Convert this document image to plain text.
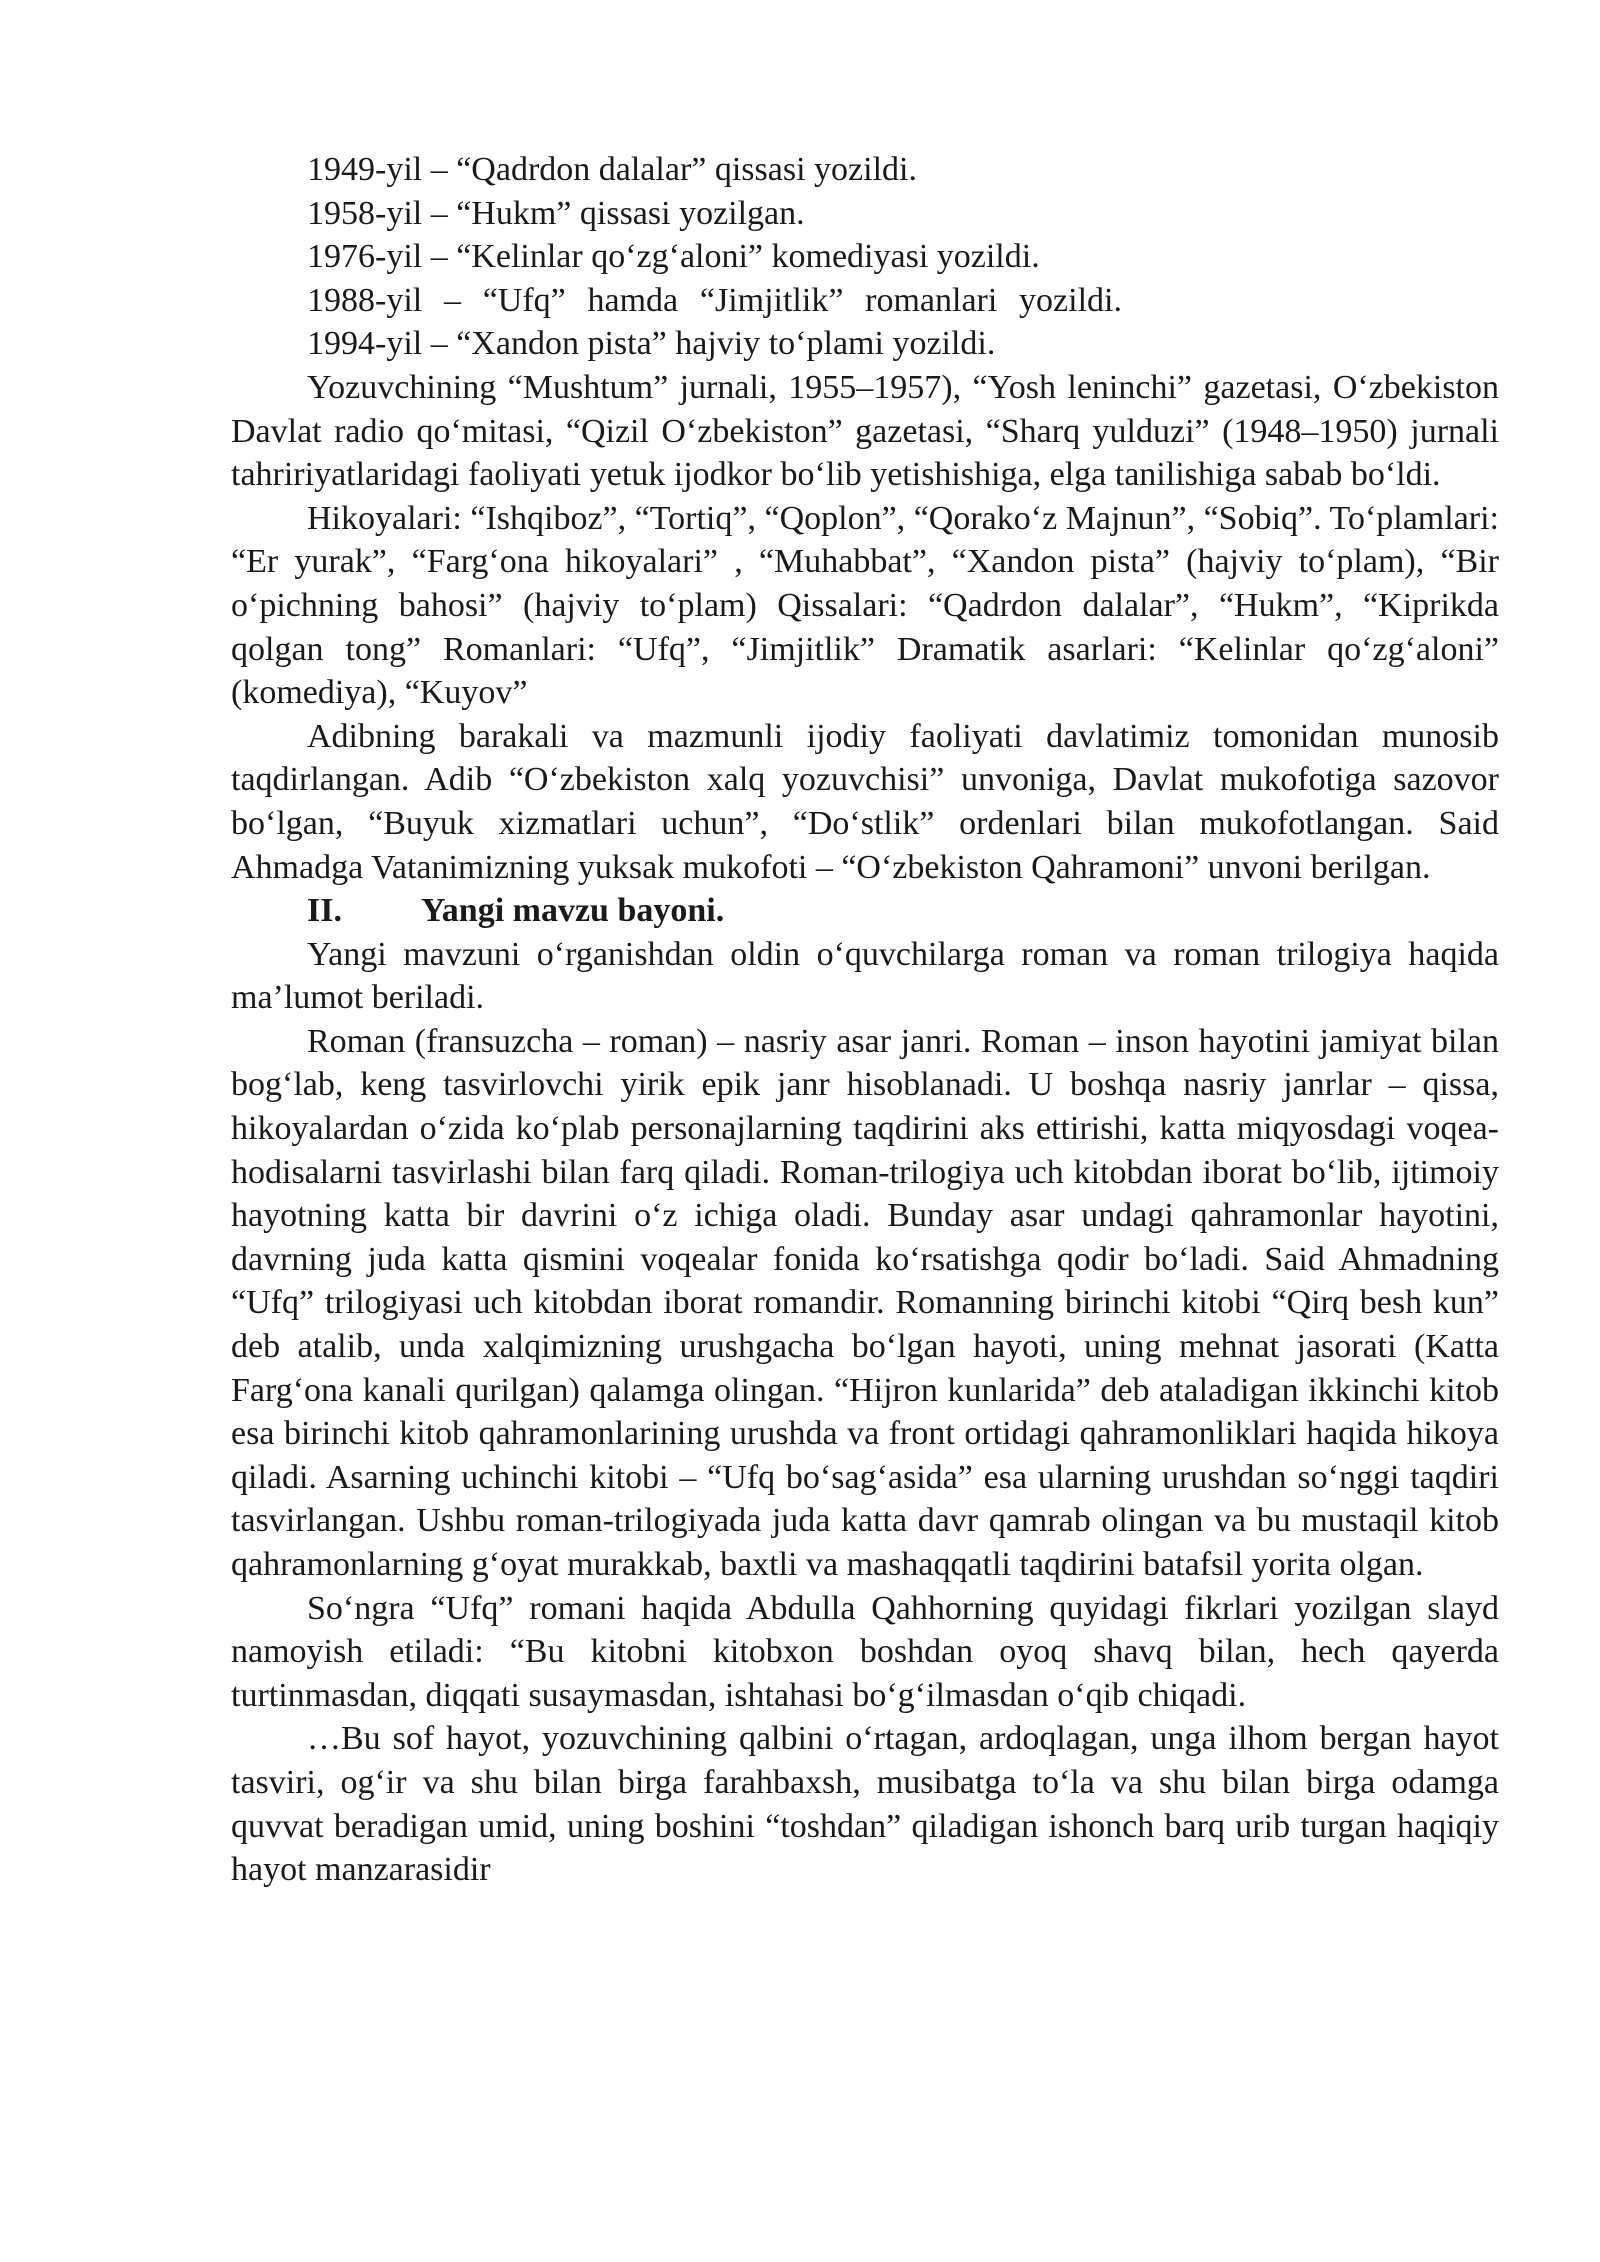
1949-yil – “Qadrdon dalalar” qissasi yozildi.
1958-yil – “Hukm” qissasi yozilgan.
1976-yil – “Kelinlar qo‘zg‘aloni” komediyasi yozildi.
1988-yil – “Ufq” hamda “Jimjitlik” romanlari yozildi. 1994-yil – “Xandon pista” hajviy to‘plami yozildi.

Yozuvchining “Mushtum” jurnali, 1955–1957), “Yosh leninchi” gazetasi, O‘zbekiston Davlat radio qo‘mitasi, “Qizil O‘zbekiston” gazetasi, “Sharq yulduzi” (1948–1950) jurnali tahririyatlaridagi faoliyati yetuk ijodkor bo‘lib yetishishiga, elga tanilishiga sabab bo‘ldi.

Hikoyalari: “Ishqiboz”, “Tortiq”, “Qoplon”, “Qorako‘z Majnun”, “Sobiq”. To‘plamlari: “Er yurak”, “Farg‘ona hikoyalari” , “Muhabbat”, “Xandon pista” (hajviy to‘plam), “Bir o‘pichning bahosi” (hajviy to‘plam) Qissalari: “Qadrdon dalalar”, “Hukm”, “Kiprikda qolgan tong” Romanlari: “Ufq”, “Jimjitlik” Dramatik asarlari: “Kelinlar qo‘zg‘aloni” (komediya), “Kuyov”

Adibning barakali va mazmunli ijodiy faoliyati davlatimiz tomonidan munosib taqdirlangan. Adib “O‘zbekiston xalq yozuvchisi” unvoniga, Davlat mukofotiga sazovor bo‘lgan, “Buyuk xizmatlari uchun”, “Do‘stlik” ordenlari bilan mukofotlangan. Said Ahmadga Vatanimizning yuksak mukofoti – “O‘zbekiston Qahramoni” unvoni berilgan.

II.	Yangi mavzu bayoni.

Yangi mavzuni o‘rganishdan oldin o‘quvchilarga roman va roman trilogiya haqida ma’lumot beriladi.

Roman (fransuzcha – roman) – nasriy asar janri. Roman – inson hayotini jamiyat bilan bog‘lab, keng tasvirlovchi yirik epik janr hisoblanadi. U boshqa nasriy janrlar – qissa, hikoyalardan o‘zida ko‘plab personajlarning taqdirini aks ettirishi, katta miqyosdagi voqea-hodisalarni tasvirlashi bilan farq qiladi. Roman-trilogiya uch kitobdan iborat bo‘lib, ijtimoiy hayotning katta bir davrini o‘z ichiga oladi. Bunday asar undagi qahramonlar hayotini, davrning juda katta qismini voqealar fonida ko‘rsatishga qodir bo‘ladi. Said Ahmadning “Ufq” trilogiyasi uch kitobdan iborat romandir. Romanning birinchi kitobi “Qirq besh kun” deb atalib, unda xalqimizning urushgacha bo‘lgan hayoti, uning mehnat jasorati (Katta Farg‘ona kanali qurilgan) qalamga olingan. “Hijron kunlarida” deb ataladigan ikkinchi kitob esa birinchi kitob qahramonlarining urushda va front ortidagi qahramonliklari haqida hikoya qiladi. Asarning uchinchi kitobi – “Ufq bo‘sag‘asida” esa ularning urushdan so‘nggi taqdiri tasvirlangan. Ushbu roman-trilogiyada juda katta davr qamrab olingan va bu mustaqil kitob qahramonlarning g‘oyat murakkab, baxtli va mashaqqatli taqdirini batafsil yorita olgan.

So‘ngra “Ufq” romani haqida Abdulla Qahhorning quyidagi fikrlari yozilgan slayd namoyish etiladi: “Bu kitobni kitobxon boshdan oyoq shavq bilan, hech qayerda turtinmasdan, diqqati susaymasdan, ishtahasi bo‘g‘ilmasdan o‘qib chiqadi.

…Bu sof hayot, yozuvchining qalbini o‘rtagan, ardoqlagan, unga ilhom bergan hayot tasviri, og‘ir va shu bilan birga farahbaxsh, musibatga to‘la va shu bilan birga odamga quvvat beradigan umid, uning boshini “toshdan” qiladigan ishonch barq urib turgan haqiqiy hayot manzarasidir
